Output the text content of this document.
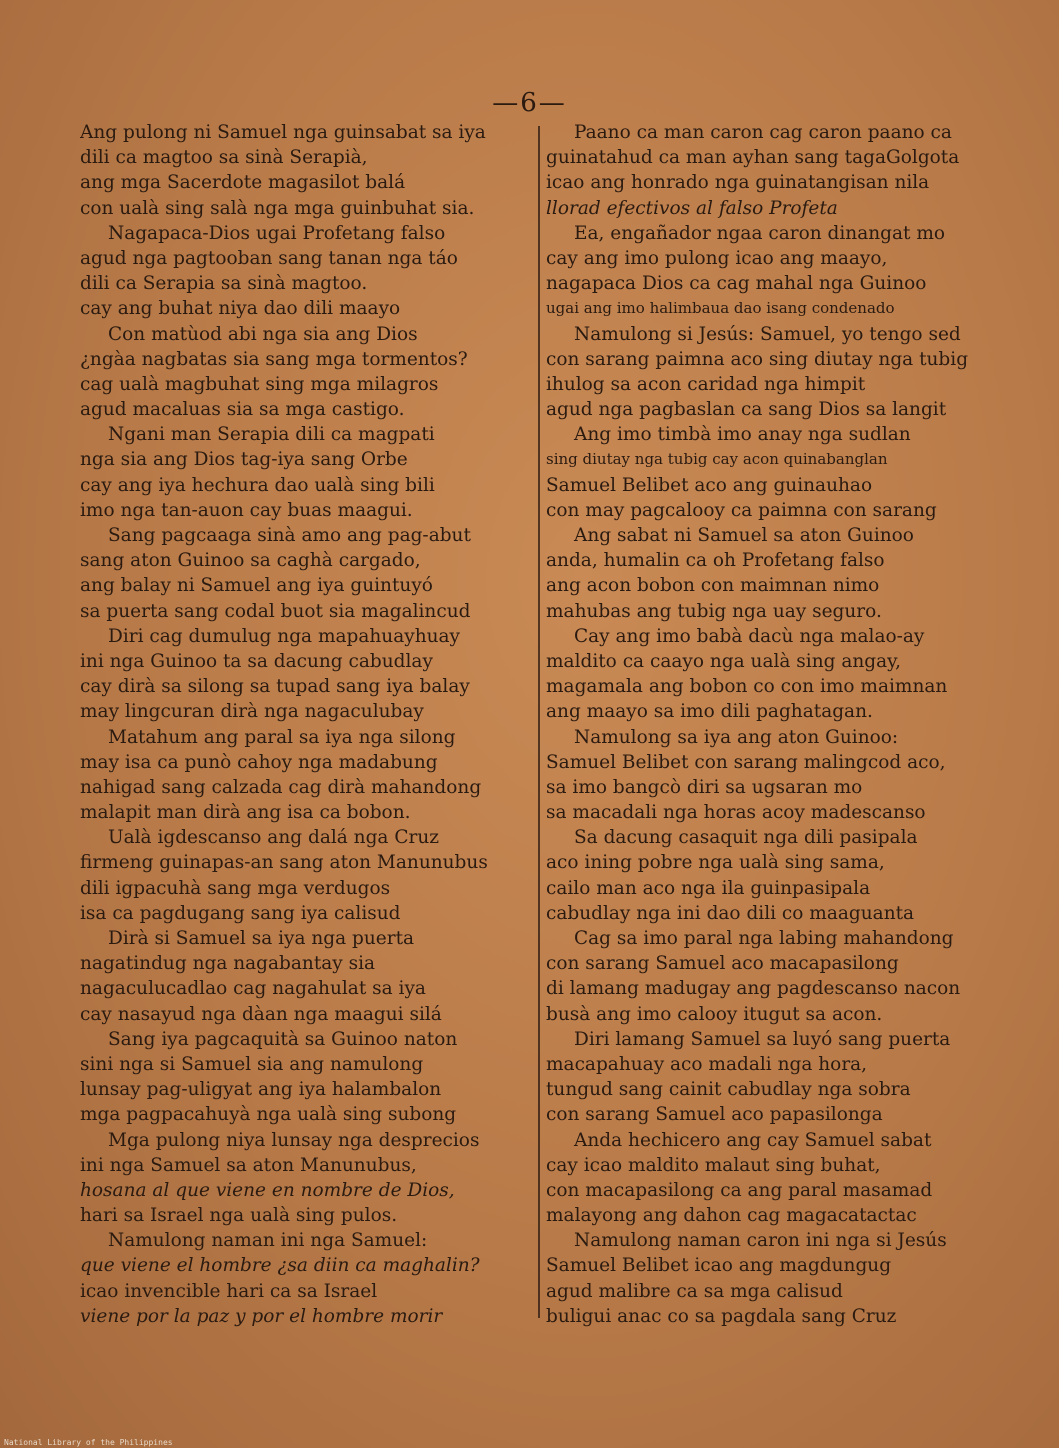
—6—
Ang pulong ni Samuel nga guinsabat sa iya
dili ca magtoo sa sinà Serapià,
ang mga Sacerdote magasilot balá
con ualà sing salà nga mga guinbuhat sia.
Nagapaca-Dios ugai Profetang falso
agud nga pagtooban sang tanan nga táo
dili ca Serapia sa sinà magtoo.
cay ang buhat niya dao dili maayo
Con matùod abi nga sia ang Dios
¿ngàa nagbatas sia sang mga tormentos?
cag ualà magbuhat sing mga milagros
agud macaluas sia sa mga castigo.
Ngani man Serapia dili ca magpati
nga sia ang Dios tag-iya sang Orbe
cay ang iya hechura dao ualà sing bili
imo nga tan-auon cay buas maagui.
Sang pagcaaga sinà amo ang pag-abut
sang aton Guinoo sa caghà cargado,
ang balay ni Samuel ang iya guintuyó
sa puerta sang codal buot sia magalincud
Diri cag dumulug nga mapahuayhuay
ini nga Guinoo ta sa dacung cabudlay
cay dirà sa silong sa tupad sang iya balay
may lingcuran dirà nga nagaculubay
Matahum ang paral sa iya nga silong
may isa ca punò cahoy nga madabung
nahigad sang calzada cag dirà mahandong
malapit man dirà ang isa ca bobon.
Ualà igdescanso ang dalá nga Cruz
firmeng guinapas-an sang aton Manunubus
dili igpacuhà sang mga verdugos
isa ca pagdugang sang iya calisud
Dirà si Samuel sa iya nga puerta
nagatindug nga nagabantay sia
nagaculucadlao cag nagahulat sa iya
cay nasayud nga dàan nga maagui silá
Sang iya pagcaquità sa Guinoo naton
sini nga si Samuel sia ang namulong
lunsay pag-uligyat ang iya halambalon
mga pagpacahuyà nga ualà sing subong
Mga pulong niya lunsay nga desprecios
ini nga Samuel sa aton Manunubus,
hosana al que viene en nombre de Dios,
hari sa Israel nga ualà sing pulos.
Namulong naman ini nga Samuel:
que viene el hombre ¿sa diin ca maghalin?
icao invencible hari ca sa Israel
viene por la paz y por el hombre morir
Paano ca man caron cag caron paano ca
guinatahud ca man ayhan sang tagaGolgota
icao ang honrado nga guinatangisan nila
llorad efectivos al falso Profeta
Ea, engañador ngaa caron dinangat mo
cay ang imo pulong icao ang maayo,
nagapaca Dios ca cag mahal nga Guinoo
ugai ang imo halimbaua dao isang condenado
Namulong si Jesús: Samuel, yo tengo sed
con sarang paimna aco sing diutay nga tubig
ihulog sa acon caridad nga himpit
agud nga pagbaslan ca sang Dios sa langit
Ang imo timbà imo anay nga sudlan
sing diutay nga tubig cay acon quinabanglan
Samuel Belibet aco ang guinauhao
con may pagcalooy ca paimna con sarang
Ang sabat ni Samuel sa aton Guinoo
anda, humalin ca oh Profetang falso
ang acon bobon con maimnan nimo
mahubas ang tubig nga uay seguro.
Cay ang imo babà dacù nga malao-ay
maldito ca caayo nga ualà sing angay,
magamala ang bobon co con imo maimnan
ang maayo sa imo dili paghatagan.
Namulong sa iya ang aton Guinoo:
Samuel Belibet con sarang malingcod aco,
sa imo bangcò diri sa ugsaran mo
sa macadali nga horas acoy madescanso
Sa dacung casaquit nga dili pasipala
aco ining pobre nga ualà sing sama,
cailo man aco nga ila guinpasipala
cabudlay nga ini dao dili co maaguanta
Cag sa imo paral nga labing mahandong
con sarang Samuel aco macapasilong
di lamang madugay ang pagdescanso nacon
busà ang imo calooy itugut sa acon.
Diri lamang Samuel sa luyó sang puerta
macapahuay aco madali nga hora,
tungud sang cainit cabudlay nga sobra
con sarang Samuel aco papasilonga
Anda hechicero ang cay Samuel sabat
cay icao maldito malaut sing buhat,
con macapasilong ca ang paral masamad
malayong ang dahon cag magacatactac
Namulong naman caron ini nga si Jesús
Samuel Belibet icao ang magdungug
agud malibre ca sa mga calisud
buligui anac co sa pagdala sang Cruz
National Library of the Philippines
